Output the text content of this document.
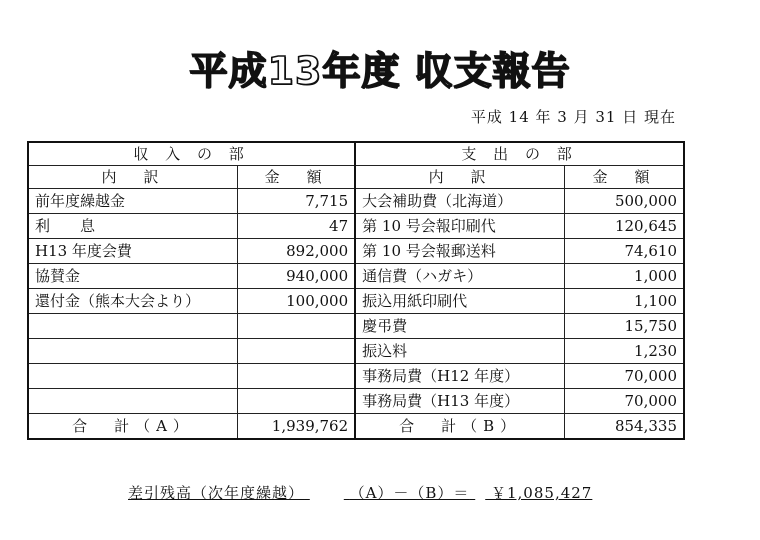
平成13年度 収支報告
平成 14 年 3 月 31 日 現在
収 入 の 部		支 出 の 部	
内　訳	金　額	内　訳	金　額
前年度繰越金	7,715	大会補助費（北海道）	500,000
利　　息	47	第 10 号会報印刷代	120,645
H13 年度会費	892,000	第 10 号会報郵送料	74,610
協賛金	940,000	通信費（ハガキ）	1,000
還付金（熊本大会より）	100,000	振込用紙印刷代	1,100
		慶弔費	15,750
		振込料	1,230
		事務局費（H12 年度）	70,000
		事務局費（H13 年度）	70,000
合　計（A）	1,939,762	合　計（B）	854,335
差引残高（次年度繰越）	（A）－（B）＝ ￥1,085,427
